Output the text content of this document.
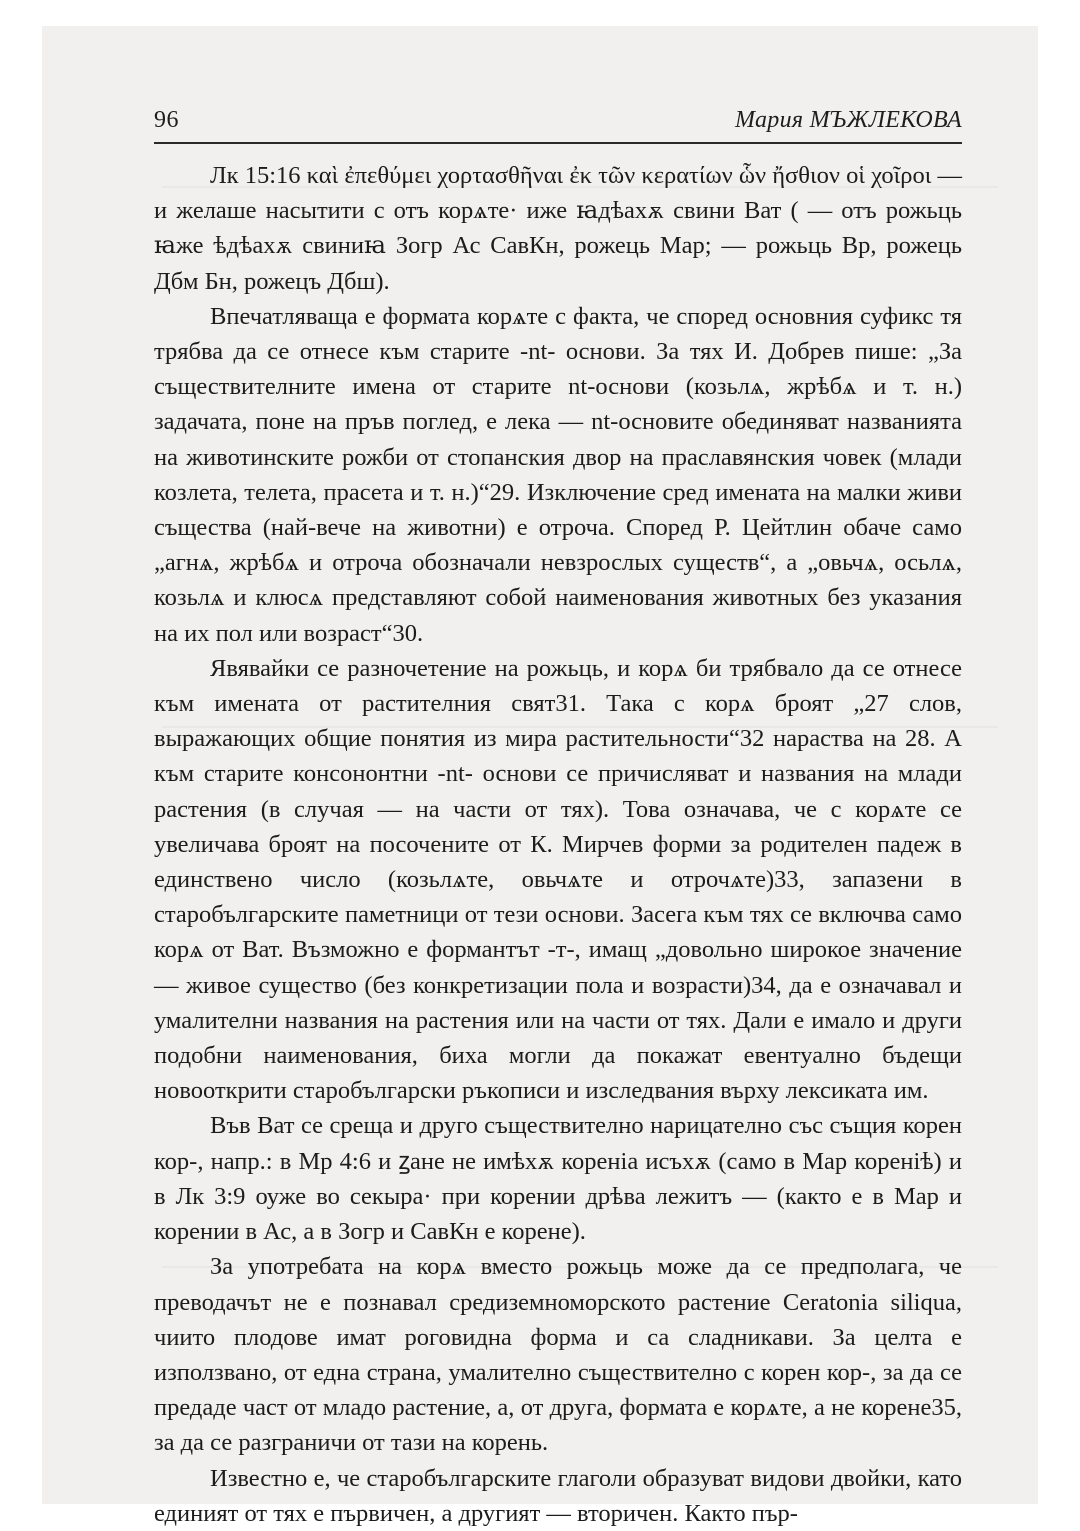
96	Мария МЪЖЛЕКОВА

Лк 15:16 καὶ ἐπεθύμει χορτασθῆναι ἐκ τῶν κερατίων ὧν ἤσθιον οἱ χοῖροι — и желаше насытити с отъ корѧте· иже ꙗдѣахѫ свини Ват ( — отъ рожьць ꙗже ѣдѣахѫ свиниꙗ Зогр Ас СавКн, рожець Мар; — рожьць Вр, рожець Дбм Бн, рожецъ Дбш).

Впечатляваща е формата корѧте с факта, че според основния суфикс тя трябва да се отнесе към старите -nt- основи. За тях И. Добрев пише: „За съществителните имена от старите nt-основи (козьлѧ, жрѣбѧ и т. н.) задачата, поне на пръв поглед, е лека — nt-основите обединяват названията на животинските рожби от стопанския двор на праславянския човек (млади козлета, телета, прасета и т. н.)“29. Изключение сред имената на малки живи същества (най-вече на животни) е отроча. Според Р. Цейтлин обаче само „агнѧ, жрѣбѧ и отроча обозначали невзрослых существ“, а „овьчѧ, осьлѧ, козьлѧ и клюсѧ представляют собой наименования животных без указания на их пол или возраст“30.

Явявайки се разночетение на рожьць, и корѧ би трябвало да се отнесе към имената от растителния свят31. Така с корѧ броят „27 слов, выражающих общие понятия из мира растительности“32 нараства на 28. А към старите консононтни -nt- основи се причисляват и названия на млади растения (в случая — на части от тях). Това означава, че с корѧте се увеличава броят на посочените от К. Мирчев форми за родителен падеж в единствено число (козьлѧте, овьчѧте и отрочѧте)33, запазени в старобългарските паметници от тези основи. Засега към тях се включва само корѧ от Ват. Възможно е формантът -т-, имащ „довольно широкое значение — живое существо (без конкретизации пола и возрасти)34, да е означавал и умалителни названия на растения или на части от тях. Дали е имало и други подобни наименования, биха могли да покажат евентуално бъдещи новооткрити старобългарски ръкописи и изследвания върху лексиката им.

Във Ват се среща и друго съществително нарицателно със същия корен кор-, напр.: в Мр 4:6 и ꙁане не имѣхѫ кореніа исъхѫ (само в Мар кореніѣ) и в Лк 3:9 оуже во секыра· при корении дрѣва лежитъ — (както е в Мар и корении в Ас, а в Зогр и СавКн е корене).

За употребата на корѧ вместо рожьць може да се предполага, че преводачът не е познавал средиземноморското растение Ceratonia siliqua, чиито плодове имат роговидна форма и са сладникави. За целта е използвано, от една страна, умалително съществително с корен кор-, за да се предаде част от младо растение, а, от друга, формата е корѧте, а не корене35, за да се разграничи от тази на корень.

Известно е, че старобългарските глаголи образуват видови двойки, като единият от тях е първичен, а другият — вторичен. Както пър-
